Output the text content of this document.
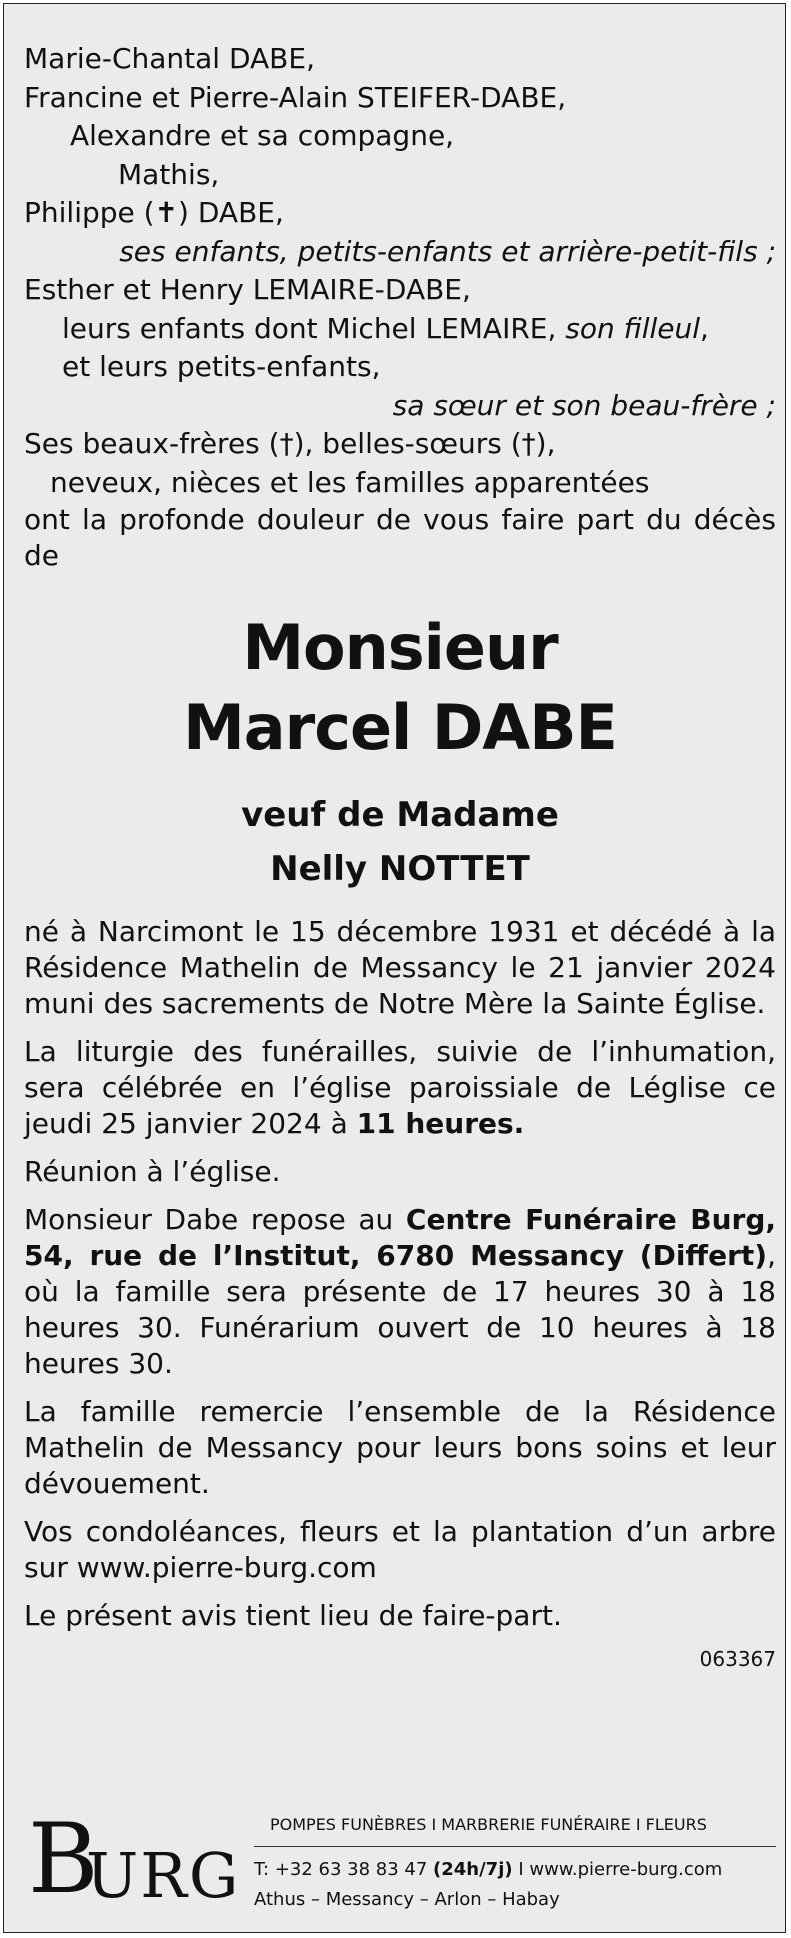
Marie-Chantal DABE,
Francine et Pierre-Alain STEIFER-DABE,
Alexandre et sa compagne,
Mathis,
Philippe (✝) DABE,
ses enfants, petits-enfants et arrière-petit-fils ;
Esther et Henry LEMAIRE-DABE,
leurs enfants dont Michel LEMAIRE, son filleul,
et leurs petits-enfants,
sa sœur et son beau-frère ;
Ses beaux-frères (†), belles-sœurs (†),
neveux, nièces et les familles apparentées
ont la profonde douleur de vous faire part du décès de
Monsieur
Marcel DABE
veuf de Madame
Nelly NOTTET
né à Narcimont le 15 décembre 1931 et décédé à la Résidence Mathelin de Messancy le 21 janvier 2024 muni des sacrements de Notre Mère la Sainte Église.
La liturgie des funérailles, suivie de l’inhumation, sera célébrée en l’église paroissiale de Léglise ce jeudi 25 janvier 2024 à 11 heures.
Réunion à l’église.
Monsieur Dabe repose au Centre Funéraire Burg, 54, rue de l’Institut, 6780 Messancy (Differt), où la famille sera présente de 17 heures 30 à 18 heures 30. Funérarium ouvert de 10 heures à 18 heures 30.
La famille remercie l’ensemble de la Résidence Mathelin de Messancy pour leurs bons soins et leur dévouement.
Vos condoléances, fleurs et la plantation d’un arbre sur www.pierre-burg.com
Le présent avis tient lieu de faire-part.
063367
B
URG
POMPES FUNÈBRES I MARBRERIE FUNÉRAIRE I FLEURS
T: +32 63 38 83 47 (24h/7j) I www.pierre-burg.com
Athus – Messancy – Arlon – Habay
